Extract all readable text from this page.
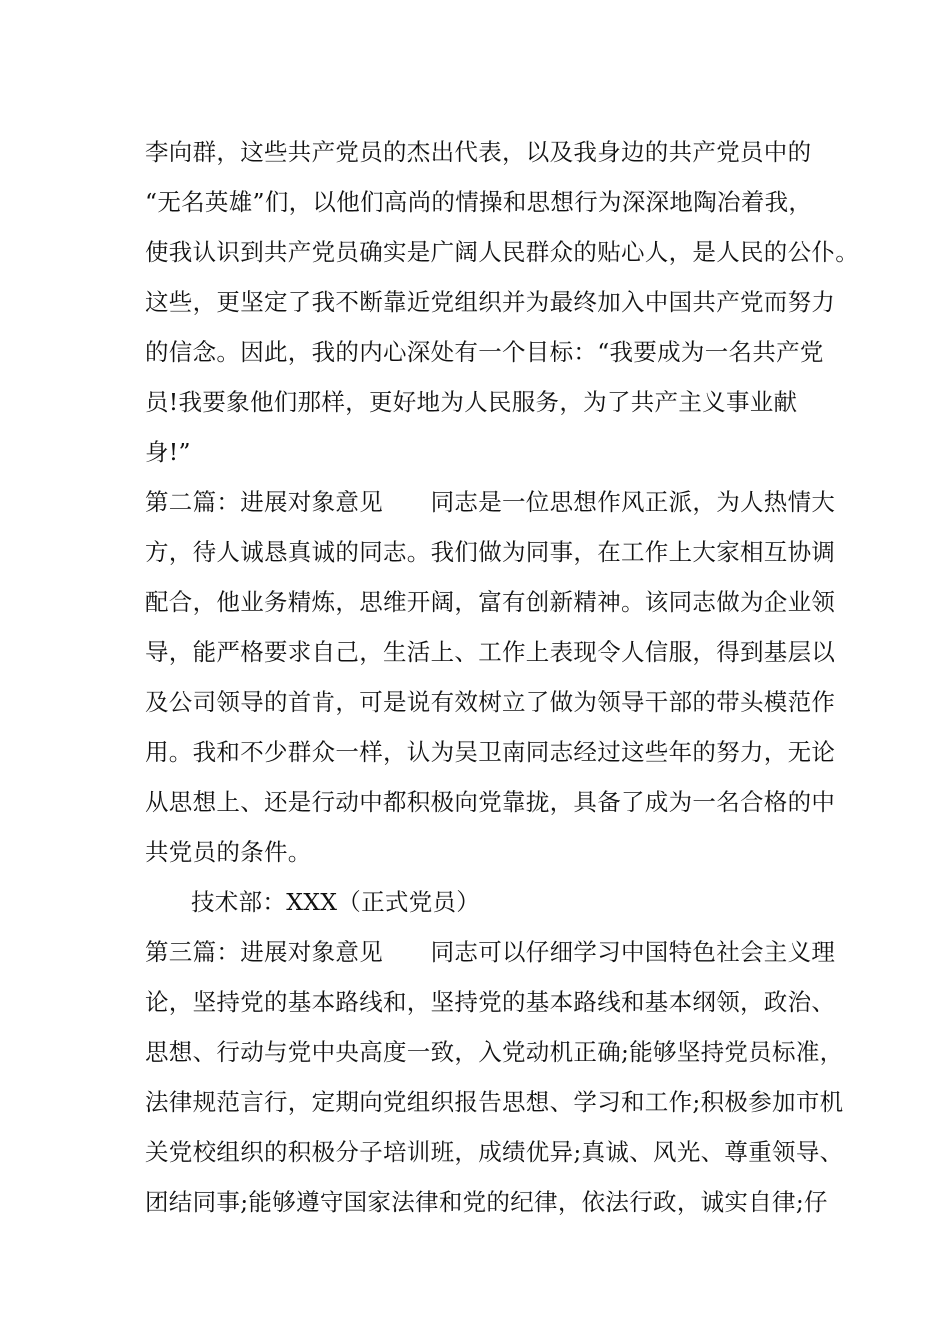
李向群，这些共产党员的杰出代表，以及我身边的共产党员中的
“无名英雄”们，以他们高尚的情操和思想行为深深地陶冶着我，
使我认识到共产党员确实是广阔人民群众的贴心人，是人民的公仆。
这些，更坚定了我不断靠近党组织并为最终加入中国共产党而努力
的信念。因此，我的内心深处有一个目标：“我要成为一名共产党
员!我要象他们那样，更好地为人民服务，为了共产主义事业献
身!”
第二篇：进展对象意见　　同志是一位思想作风正派，为人热情大
方，待人诚恳真诚的同志。我们做为同事，在工作上大家相互协调
配合，他业务精炼，思维开阔，富有创新精神。该同志做为企业领
导，能严格要求自己，生活上、工作上表现令人信服，得到基层以
及公司领导的首肯，可是说有效树立了做为领导干部的带头模范作
用。我和不少群众一样，认为吴卫南同志经过这些年的努力，无论
从思想上、还是行动中都积极向党靠拢，具备了成为一名合格的中
共党员的条件。
技术部：XXX（正式党员）
第三篇：进展对象意见　　同志可以仔细学习中国特色社会主义理
论，坚持党的基本路线和，坚持党的基本路线和基本纲领，政治、
思想、行动与党中央高度一致，入党动机正确;能够坚持党员标准，
法律规范言行，定期向党组织报告思想、学习和工作;积极参加市机
关党校组织的积极分子培训班，成绩优异;真诚、风光、尊重领导、
团结同事;能够遵守国家法律和党的纪律，依法行政，诚实自律;仔
